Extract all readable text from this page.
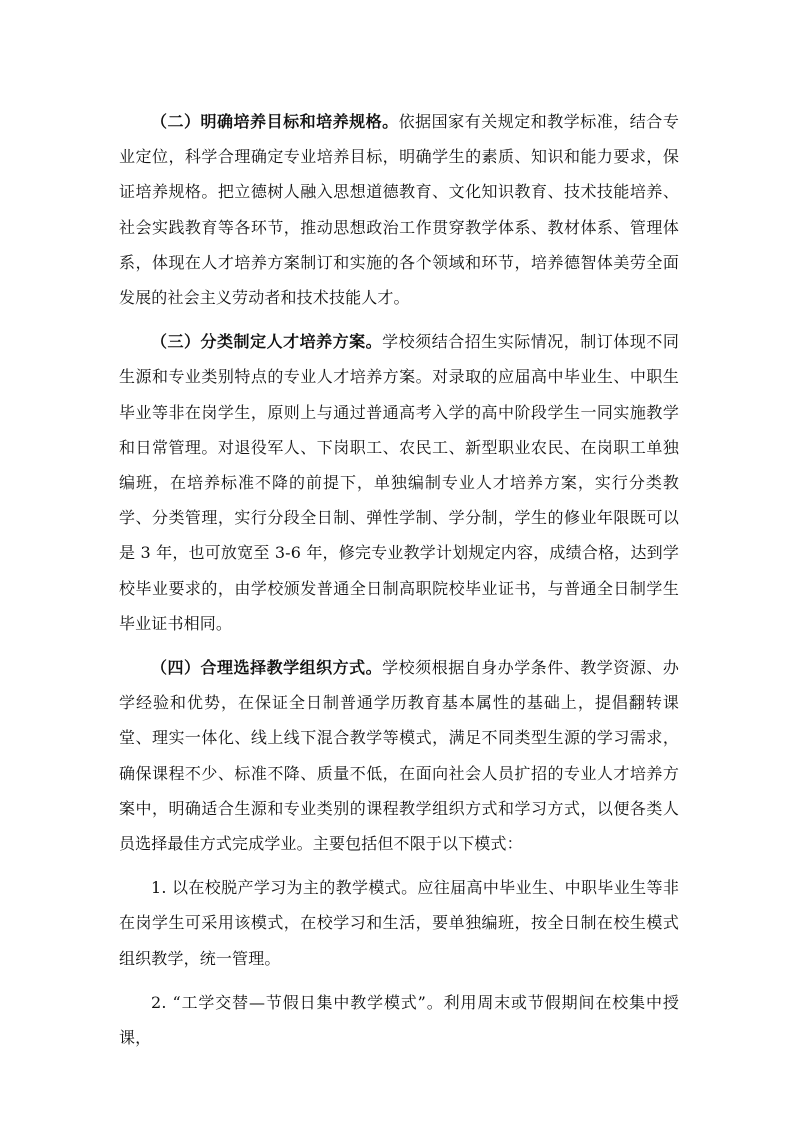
（二）明确培养目标和培养规格。依据国家有关规定和教学标准，结合专业定位，科学合理确定专业培养目标，明确学生的素质、知识和能力要求，保证培养规格。把立德树人融入思想道德教育、文化知识教育、技术技能培养、社会实践教育等各环节，推动思想政治工作贯穿教学体系、教材体系、管理体系，体现在人才培养方案制订和实施的各个领域和环节，培养德智体美劳全面发展的社会主义劳动者和技术技能人才。

（三）分类制定人才培养方案。学校须结合招生实际情况，制订体现不同生源和专业类别特点的专业人才培养方案。对录取的应届高中毕业生、中职生毕业等非在岗学生，原则上与通过普通高考入学的高中阶段学生一同实施教学和日常管理。对退役军人、下岗职工、农民工、新型职业农民、在岗职工单独编班，在培养标准不降的前提下，单独编制专业人才培养方案，实行分类教学、分类管理，实行分段全日制、弹性学制、学分制，学生的修业年限既可以是 3 年，也可放宽至 3-6 年，修完专业教学计划规定内容，成绩合格，达到学校毕业要求的，由学校颁发普通全日制高职院校毕业证书，与普通全日制学生毕业证书相同。

（四）合理选择教学组织方式。学校须根据自身办学条件、教学资源、办学经验和优势，在保证全日制普通学历教育基本属性的基础上，提倡翻转课堂、理实一体化、线上线下混合教学等模式，满足不同类型生源的学习需求，确保课程不少、标准不降、质量不低，在面向社会人员扩招的专业人才培养方案中，明确适合生源和专业类别的课程教学组织方式和学习方式，以便各类人员选择最佳方式完成学业。主要包括但不限于以下模式：

1. 以在校脱产学习为主的教学模式。应往届高中毕业生、中职毕业生等非在岗学生可采用该模式，在校学习和生活，要单独编班，按全日制在校生模式组织教学，统一管理。

2. “工学交替—节假日集中教学模式”。利用周末或节假期间在校集中授课，
